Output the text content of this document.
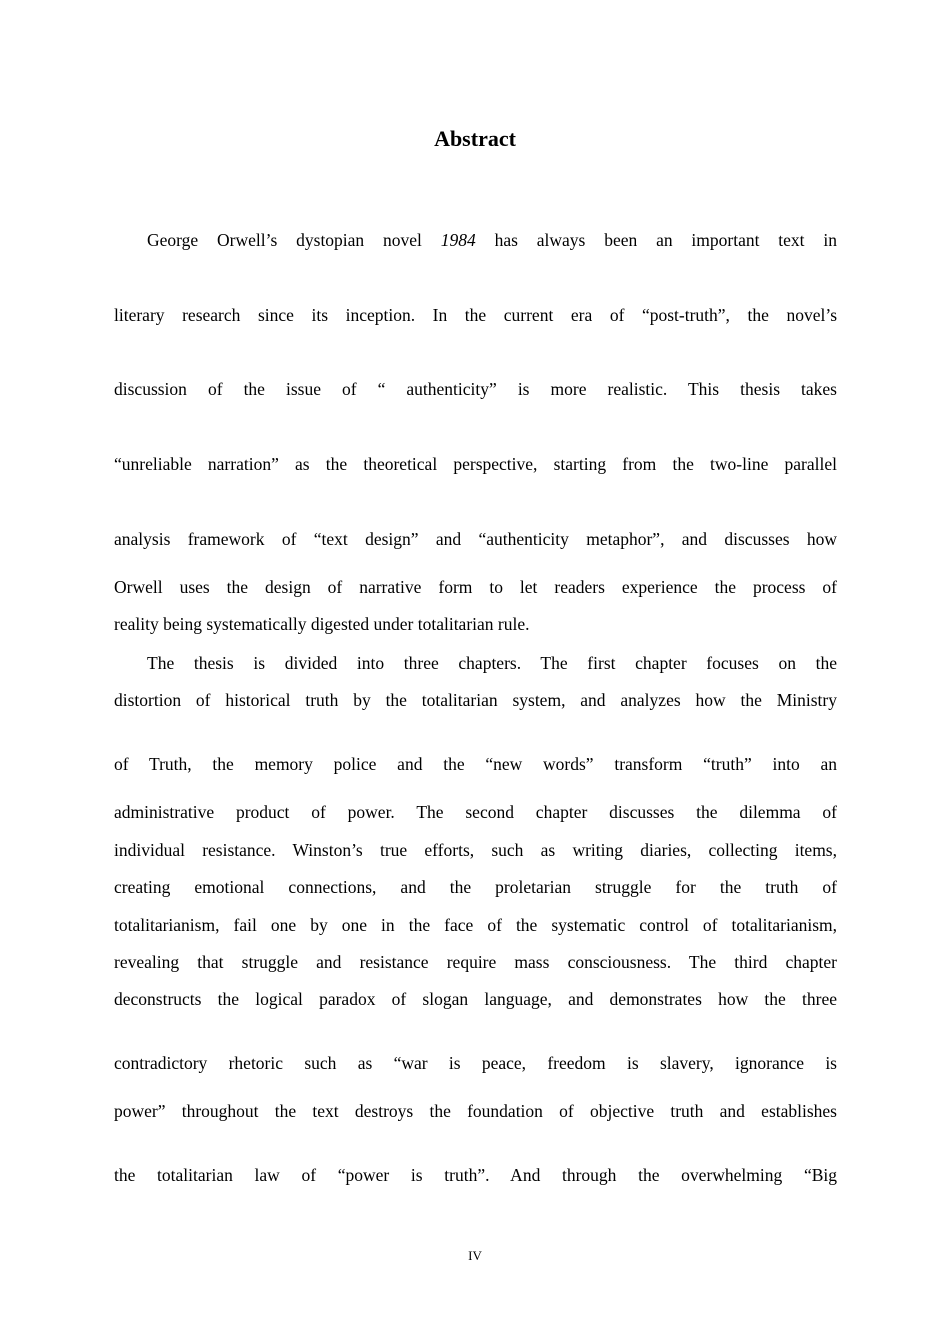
Abstract
George Orwell’s dystopian novel 1984 has always been an important text in
literary research since its inception. In the current era of “post-truth”, the novel’s
discussion of the issue of “ authenticity” is more realistic. This thesis takes
“unreliable narration” as the theoretical perspective, starting from the two-line parallel
analysis framework of “text design” and “authenticity metaphor”, and discusses how
Orwell uses the design of narrative form to let readers experience the process of
reality being systematically digested under totalitarian rule.
The thesis is divided into three chapters. The first chapter focuses on the
distortion of historical truth by the totalitarian system, and analyzes how the Ministry
of Truth, the memory police and the “new words” transform “truth” into an
administrative product of power. The second chapter discusses the dilemma of
individual resistance. Winston’s true efforts, such as writing diaries, collecting items,
creating emotional connections, and the proletarian struggle for the truth of
totalitarianism, fail one by one in the face of the systematic control of totalitarianism,
revealing that struggle and resistance require mass consciousness. The third chapter
deconstructs the logical paradox of slogan language, and demonstrates how the three
contradictory rhetoric such as “war is peace, freedom is slavery, ignorance is
power” throughout the text destroys the foundation of objective truth and establishes
the totalitarian law of “power is truth”. And through the overwhelming “Big
IV
